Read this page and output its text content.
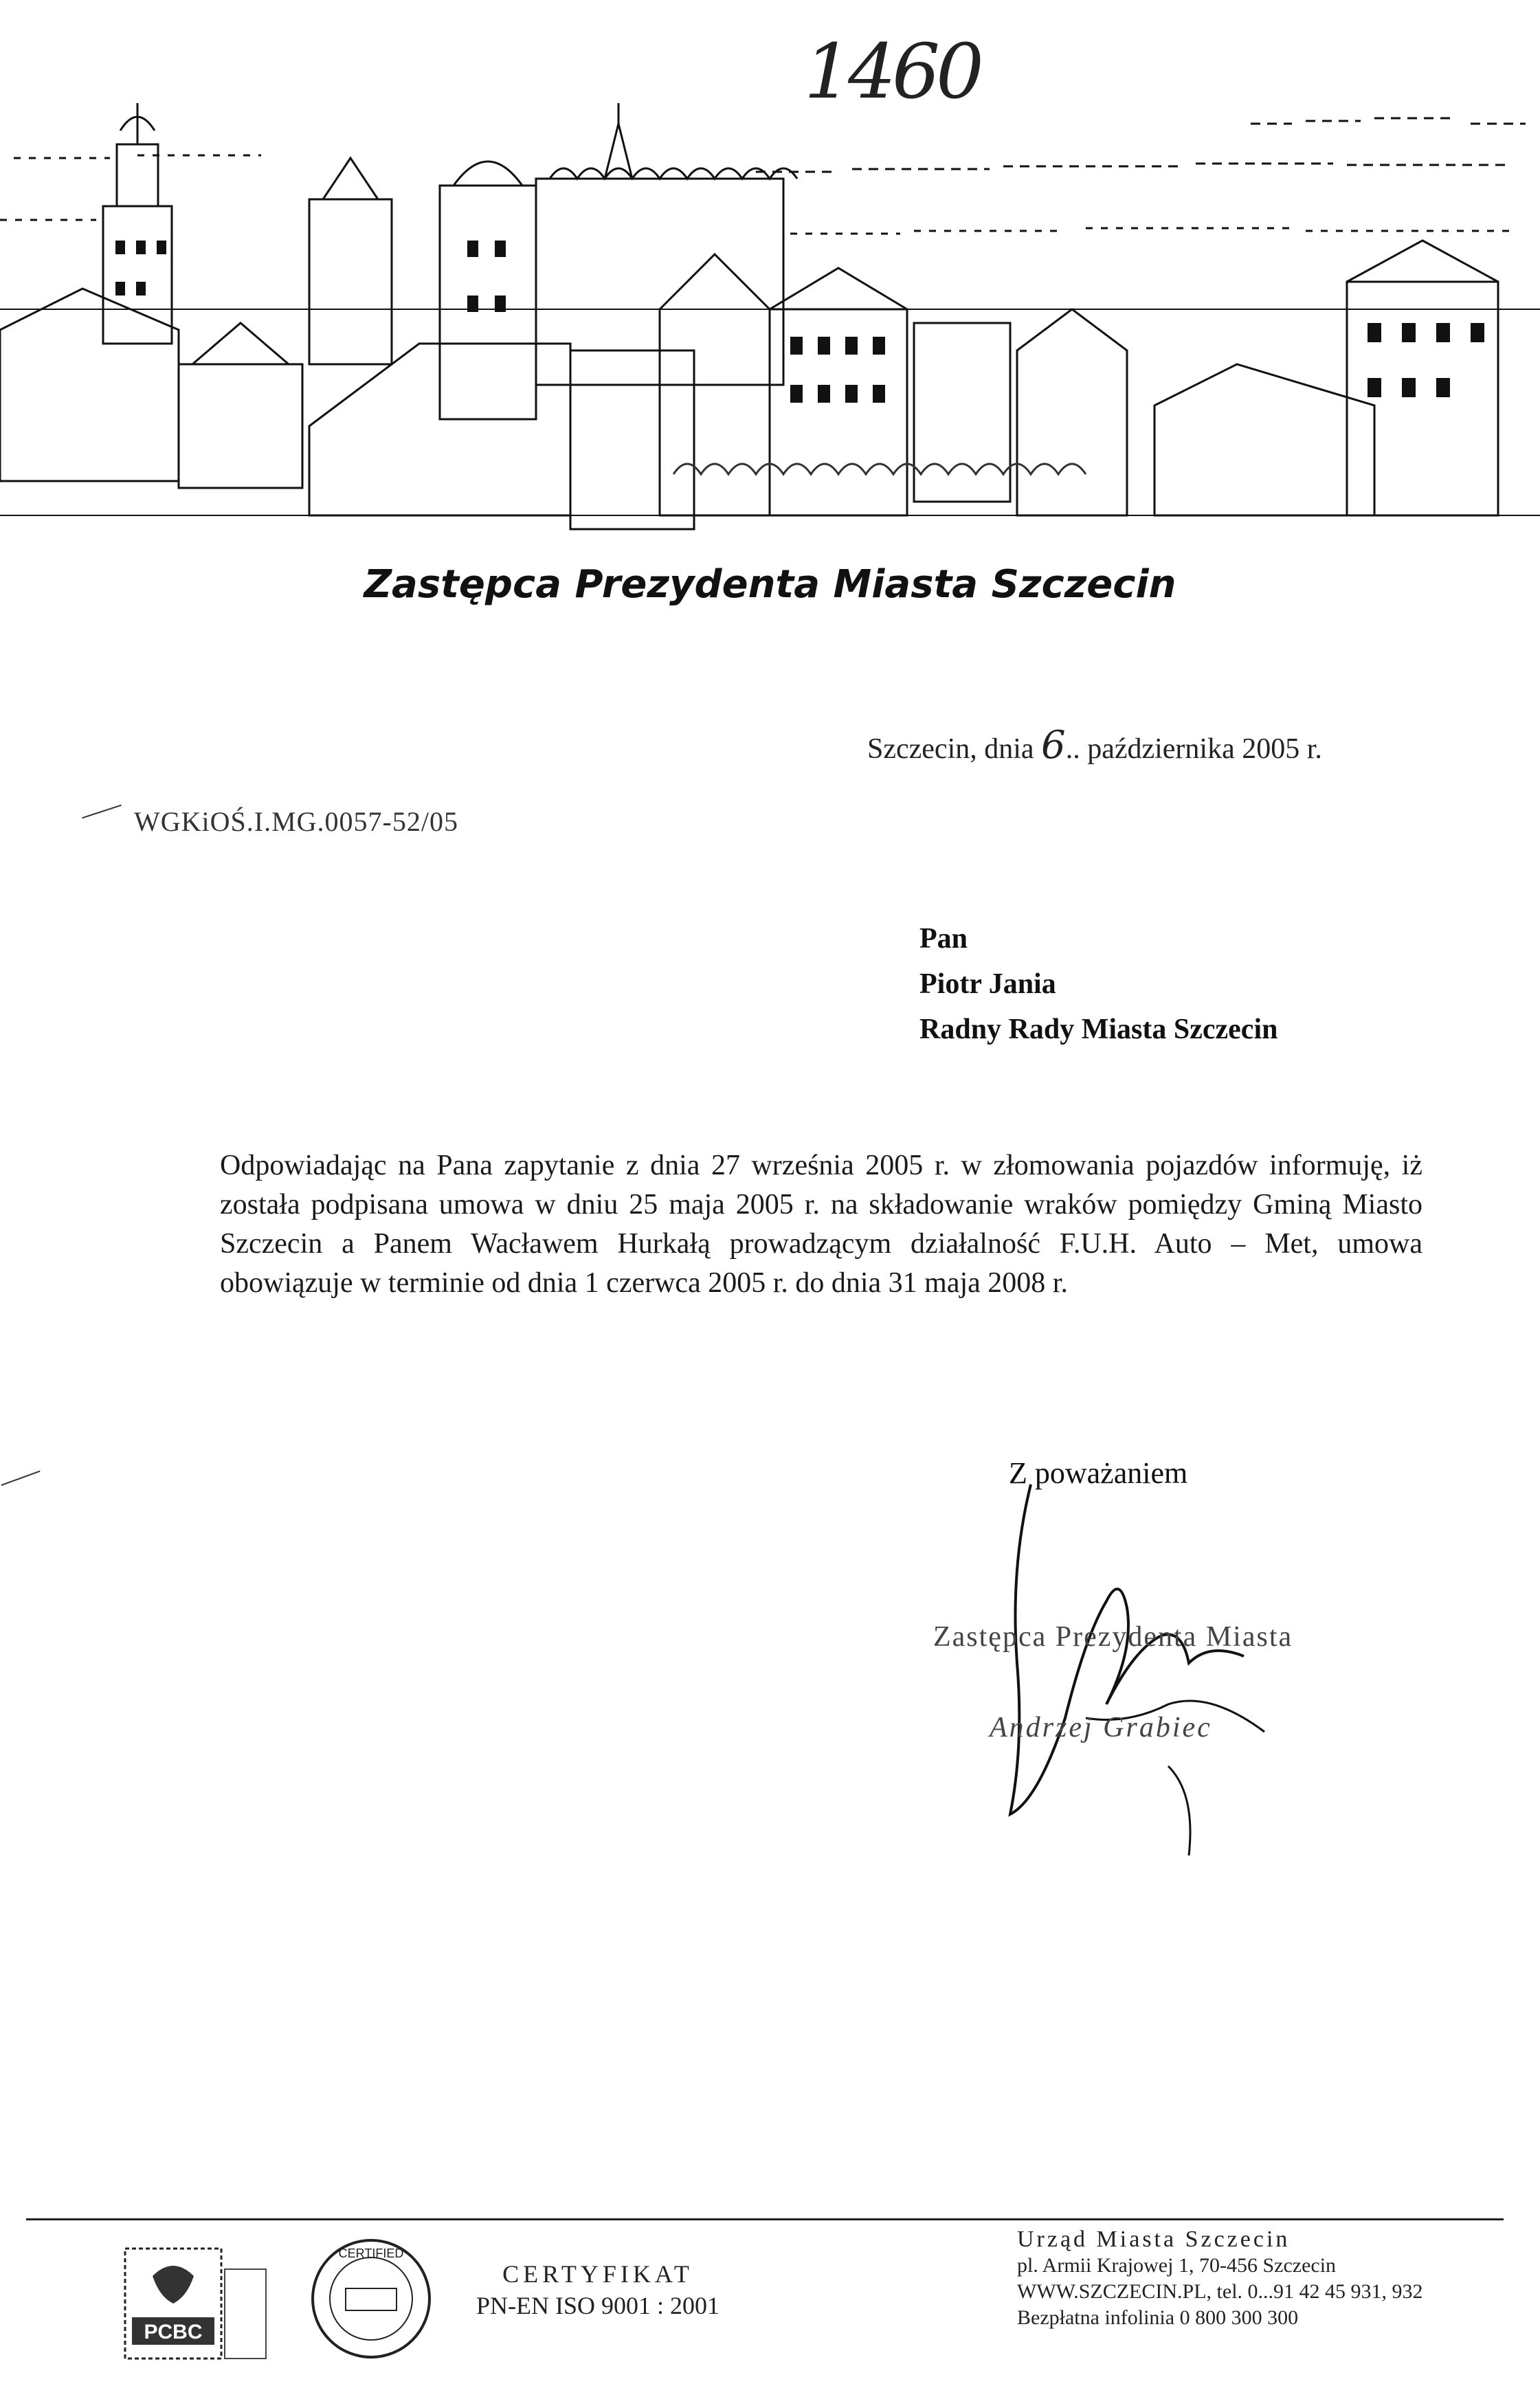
1460
Zastępca Prezydenta Miasta Szczecin
Szczecin, dnia 6.. października 2005 r.
WGKiOŚ.I.MG.0057-52/05
Pan
Piotr Jania
Radny Rady Miasta Szczecin

Odpowiadając na Pana zapytanie z dnia 27 września 2005 r. w złomowania pojazdów informuję, iż została podpisana umowa w dniu 25 maja 2005 r. na składowanie wraków pomiędzy Gminą Miasto Szczecin a Panem Wacławem Hurkałą prowadzącym działalność F.U.H. Auto – Met, umowa obowiązuje w terminie od dnia 1 czerwca 2005 r. do dnia 31 maja 2008 r.

Z poważaniem
Zastępca Prezydenta Miasta
Andrzej Grabiec
PCBC
CERTIFIED
CERTYFIKAT
PN-EN ISO 9001 : 2001
Urząd Miasta Szczecin
pl. Armii Krajowej 1, 70-456 Szczecin
WWW.SZCZECIN.PL, tel. 0...91 42 45 931, 932
Bezpłatna infolinia 0 800 300 300
